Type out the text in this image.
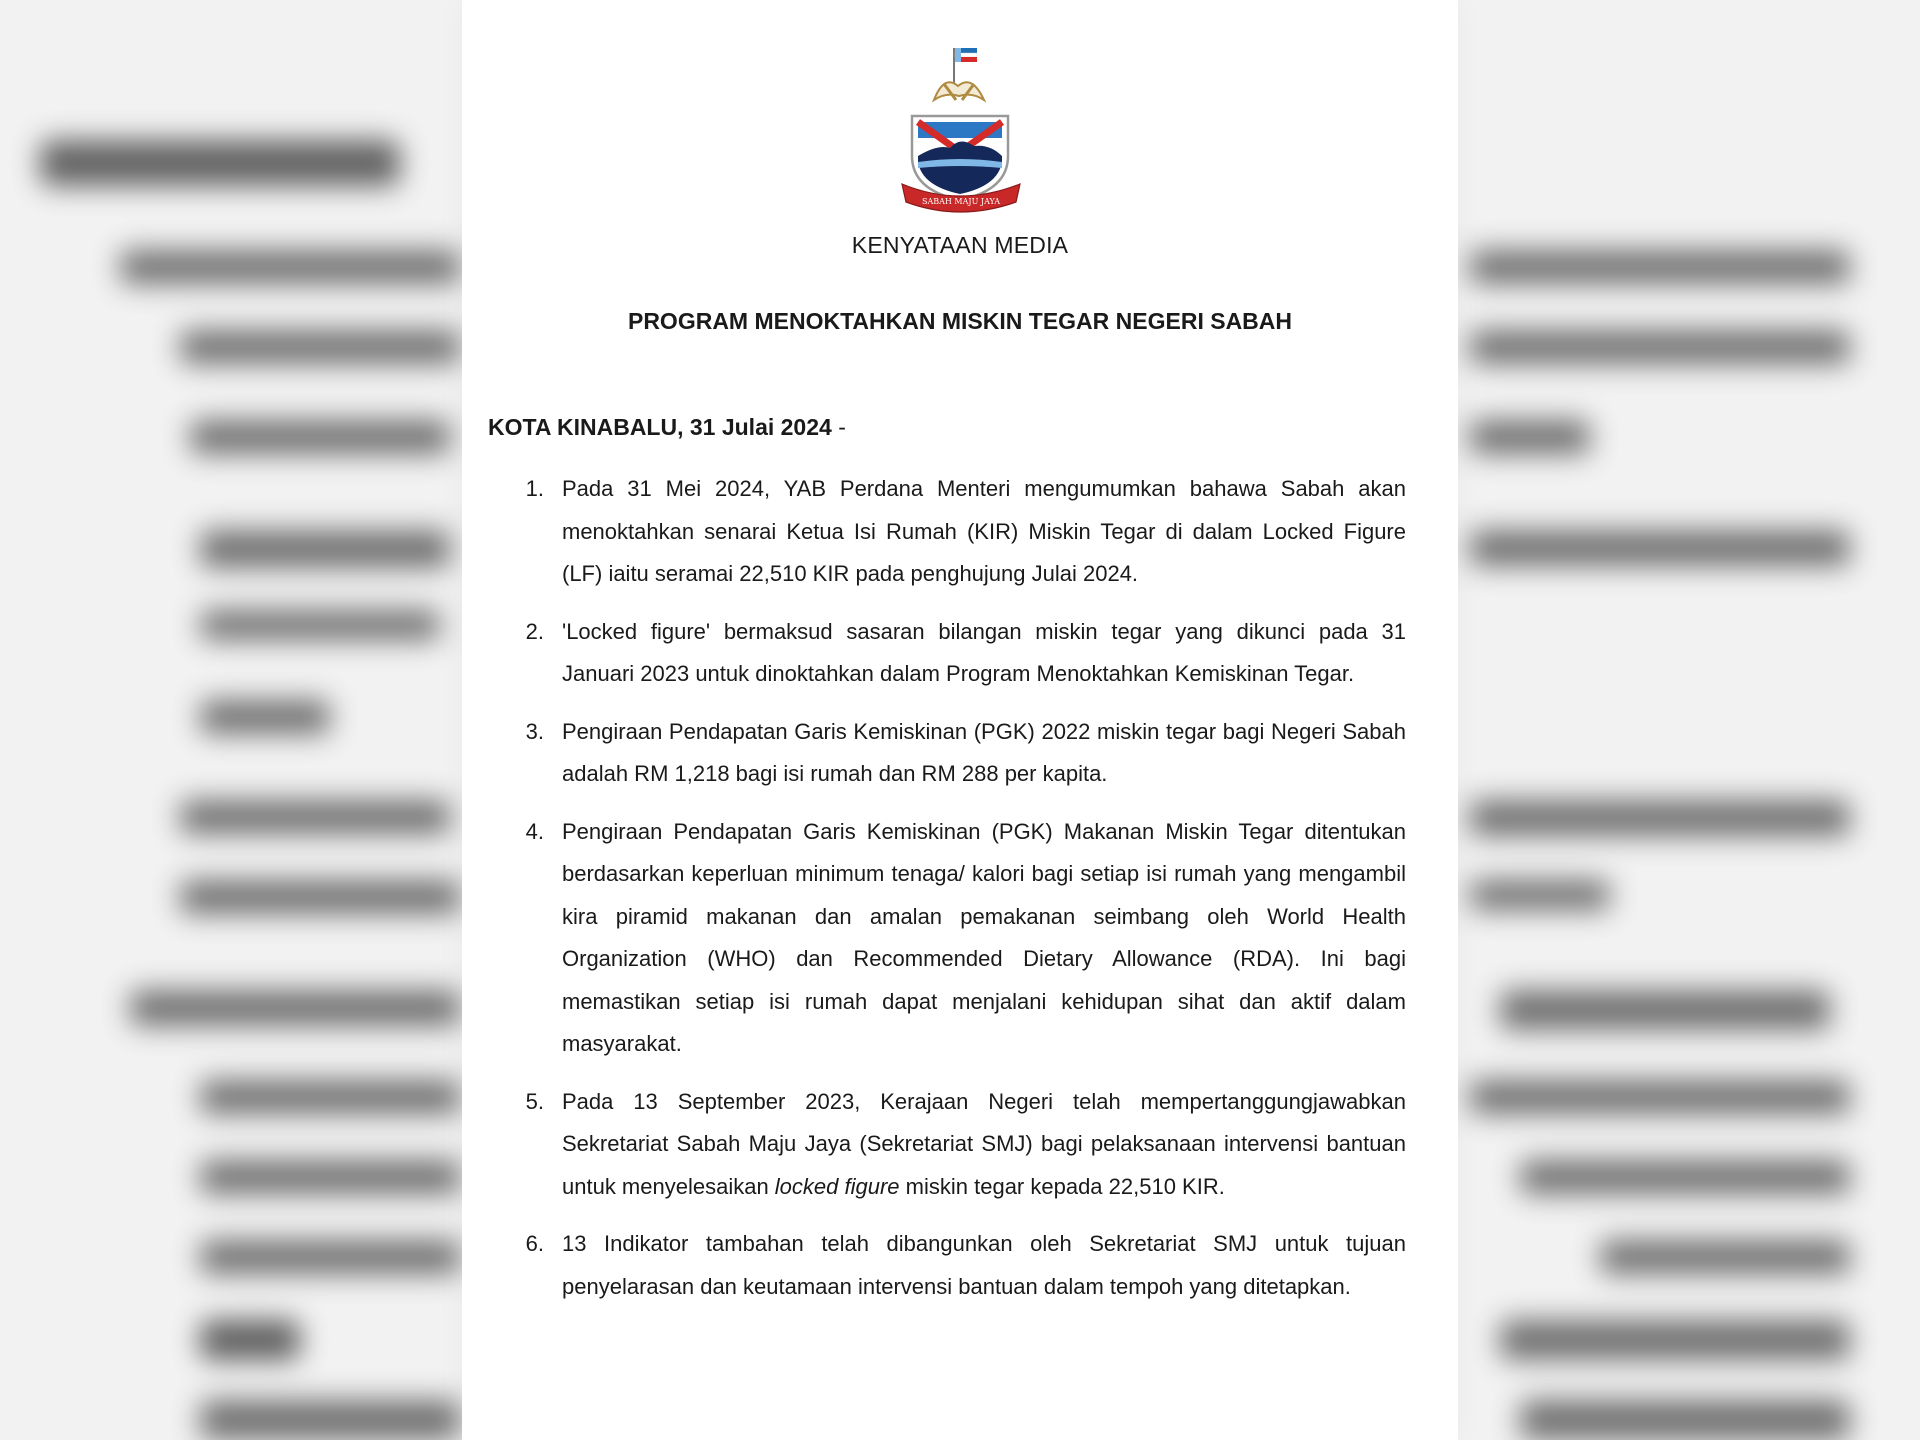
SABAH MAJU JAYA
KENYATAAN MEDIA
PROGRAM MENOKTAHKAN MISKIN TEGAR NEGERI SABAH
KOTA KINABALU, 31 Julai 2024 -
1. Pada 31 Mei 2024, YAB Perdana Menteri mengumumkan bahawa Sabah akan menoktahkan senarai Ketua Isi Rumah (KIR) Miskin Tegar di dalam Locked Figure (LF) iaitu seramai 22,510 KIR pada penghujung Julai 2024.
2. 'Locked figure' bermaksud sasaran bilangan miskin tegar yang dikunci pada 31 Januari 2023 untuk dinoktahkan dalam Program Menoktahkan Kemiskinan Tegar.
3. Pengiraan Pendapatan Garis Kemiskinan (PGK) 2022 miskin tegar bagi Negeri Sabah adalah RM 1,218 bagi isi rumah dan RM 288 per kapita.
4. Pengiraan Pendapatan Garis Kemiskinan (PGK) Makanan Miskin Tegar ditentukan berdasarkan keperluan minimum tenaga/ kalori bagi setiap isi rumah yang mengambil kira piramid makanan dan amalan pemakanan seimbang oleh World Health Organization (WHO) dan Recommended Dietary Allowance (RDA). Ini bagi memastikan setiap isi rumah dapat menjalani kehidupan sihat dan aktif dalam masyarakat.
5. Pada 13 September 2023, Kerajaan Negeri telah mempertanggungjawabkan Sekretariat Sabah Maju Jaya (Sekretariat SMJ) bagi pelaksanaan intervensi bantuan untuk menyelesaikan locked figure miskin tegar kepada 22,510 KIR.
6. 13 Indikator tambahan telah dibangunkan oleh Sekretariat SMJ untuk tujuan penyelarasan dan keutamaan intervensi bantuan dalam tempoh yang ditetapkan.
